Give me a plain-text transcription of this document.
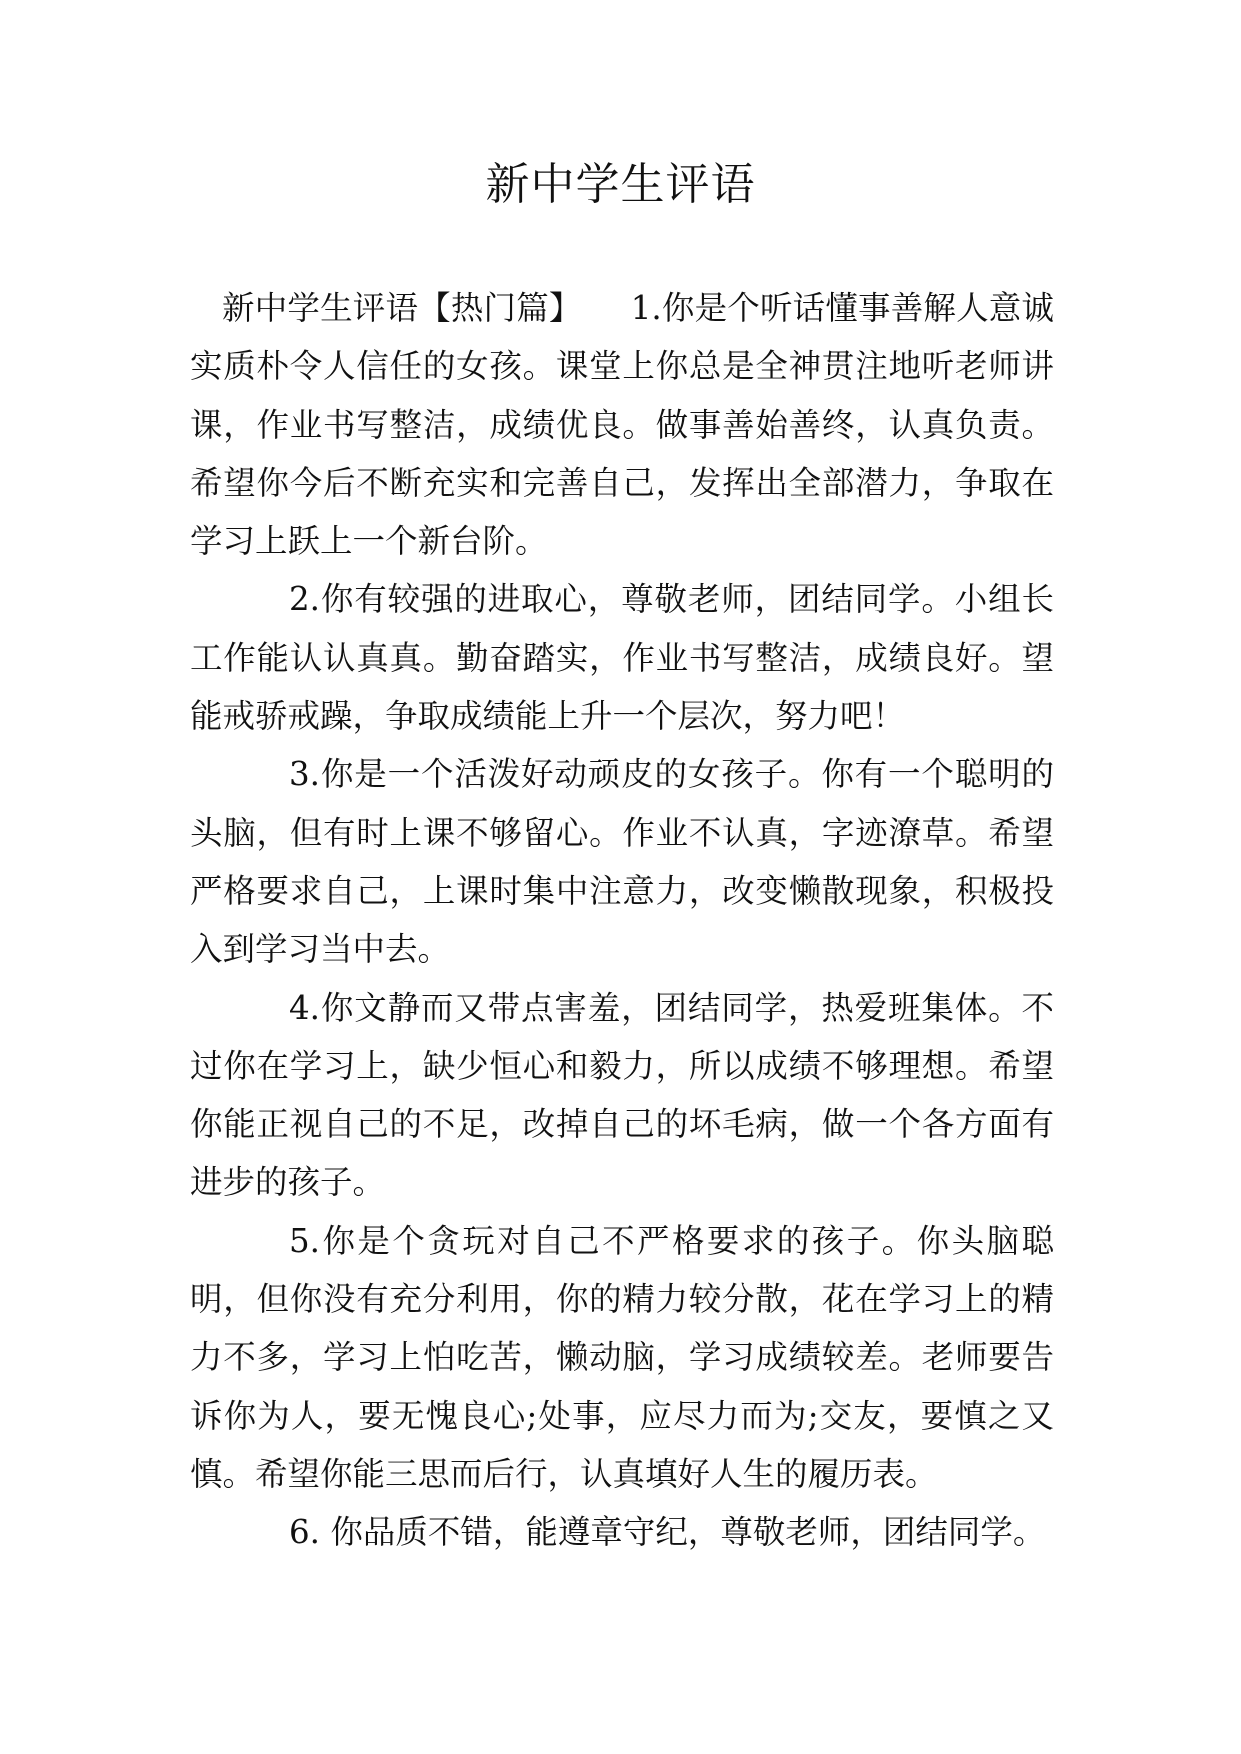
新中学生评语

新中学生评语【热门篇】　　1.你是个听话懂事善解人意诚实质朴令人信任的女孩。课堂上你总是全神贯注地听老师讲课，作业书写整洁，成绩优良。做事善始善终，认真负责。希望你今后不断充实和完善自己，发挥出全部潜力，争取在学习上跃上一个新台阶。

2.你有较强的进取心，尊敬老师，团结同学。小组长工作能认认真真。勤奋踏实，作业书写整洁，成绩良好。望能戒骄戒躁，争取成绩能上升一个层次，努力吧！

3.你是一个活泼好动顽皮的女孩子。你有一个聪明的头脑，但有时上课不够留心。作业不认真，字迹潦草。希望严格要求自己，上课时集中注意力，改变懒散现象，积极投入到学习当中去。

4.你文静而又带点害羞，团结同学，热爱班集体。不过你在学习上，缺少恒心和毅力，所以成绩不够理想。希望你能正视自己的不足，改掉自己的坏毛病，做一个各方面有进步的孩子。

5.你是个贪玩对自己不严格要求的孩子。你头脑聪明，但你没有充分利用，你的精力较分散，花在学习上的精力不多，学习上怕吃苦，懒动脑，学习成绩较差。老师要告诉你为人，要无愧良心;处事，应尽力而为;交友，要慎之又慎。希望你能三思而后行，认真填好人生的履历表。

6. 你品质不错，能遵章守纪，尊敬老师，团结同学。
